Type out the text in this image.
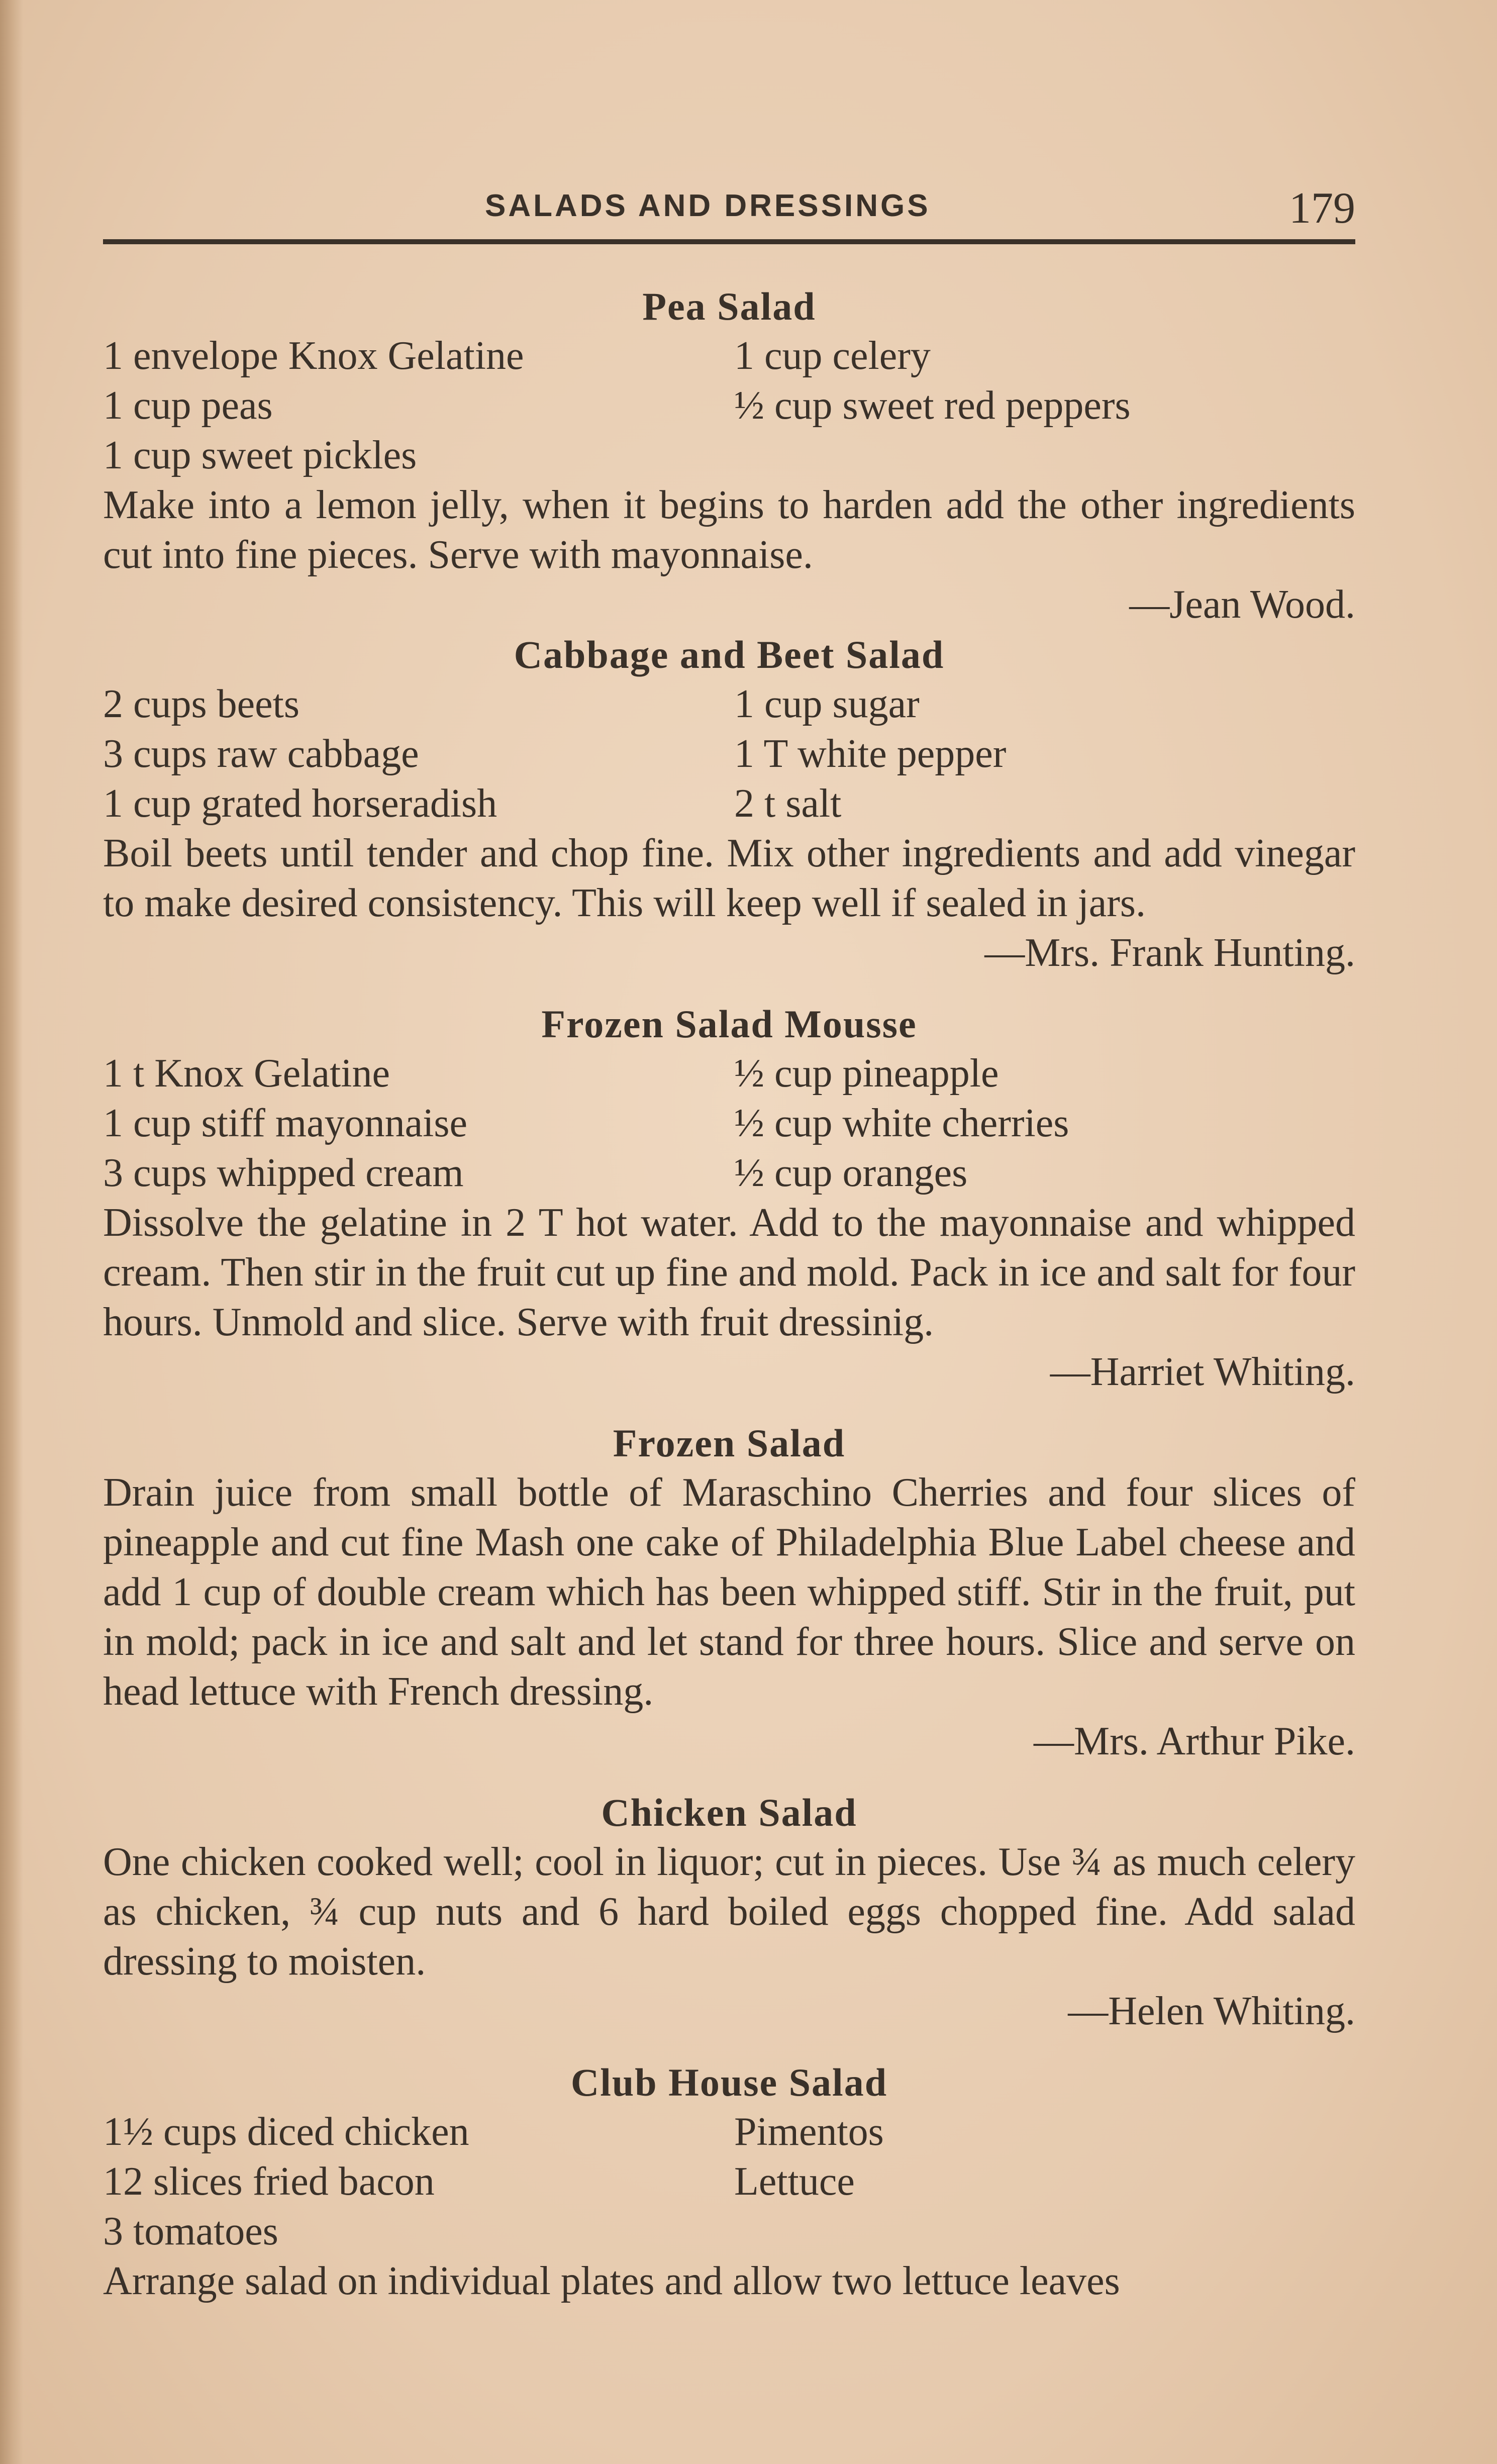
SALADS AND DRESSINGS	179
Pea Salad
1 envelope Knox Gelatine	1 cup celery
1 cup peas	½ cup sweet red peppers
1 cup sweet pickles

Make into a lemon jelly, when it begins to harden add the other ingredients cut into fine pieces. Serve with mayonnaise.

—Jean Wood.

Cabbage and Beet Salad
2 cups beets	1 cup sugar
3 cups raw cabbage	1 T white pepper
1 cup grated horseradish	2 t salt

Boil beets until tender and chop fine. Mix other ingredients and add vinegar to make desired consistency. This will keep well if sealed in jars.

—Mrs. Frank Hunting.

Frozen Salad Mousse
1 t Knox Gelatine	½ cup pineapple
1 cup stiff mayonnaise	½ cup white cherries
3 cups whipped cream	½ cup oranges

Dissolve the gelatine in 2 T hot water. Add to the mayonnaise and whipped cream. Then stir in the fruit cut up fine and mold. Pack in ice and salt for four hours. Unmold and slice. Serve with fruit dressinig.

—Harriet Whiting.

Frozen Salad

Drain juice from small bottle of Maraschino Cherries and four slices of pineapple and cut fine Mash one cake of Philadelphia Blue Label cheese and add 1 cup of double cream which has been whipped stiff. Stir in the fruit, put in mold; pack in ice and salt and let stand for three hours. Slice and serve on head lettuce with French dressing.

—Mrs. Arthur Pike.

Chicken Salad

One chicken cooked well; cool in liquor; cut in pieces. Use ¾ as much celery as chicken, ¾ cup nuts and 6 hard boiled eggs chopped fine. Add salad dressing to moisten.

—Helen Whiting.

Club House Salad
1½ cups diced chicken	Pimentos
12 slices fried bacon	Lettuce
3 tomatoes

Arrange salad on individual plates and allow two lettuce leaves
